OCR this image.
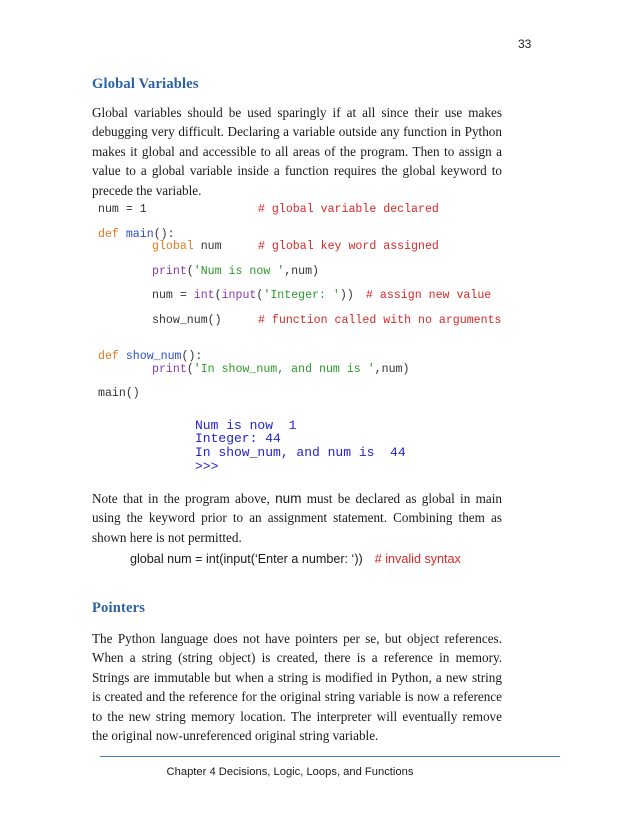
33
Global Variables
Global variables should be used sparingly if at all since their use makes debugging very difficult. Declaring a variable outside any function in Python makes it global and accessible to all areas of the program. Then to assign a value to a global variable inside a function requires the global keyword to precede the variable.
num = 1	# global variable declared
def main():
global num	# global key word assigned
print('Num is now ',num)
num = int(input('Integer: ')) # assign new value
show_num()	# function called with no arguments
def show_num():
print('In show_num, and num is ',num)
main()
Num is now  1
Integer: 44
In show_num, and num is  44
>>>
Note that in the program above, num must be declared as global in main using the keyword prior to an assignment statement. Combining them as shown here is not permitted.
global num = int(input(‘Enter a number: ‘)) # invalid syntax
Pointers
The Python language does not have pointers per se, but object references. When a string (string object) is created, there is a reference in memory. Strings are immutable but when a string is modified in Python, a new string is created and the reference for the original string variable is now a reference to the new string memory location. The interpreter will eventually remove the original now-unreferenced original string variable.
Chapter 4 Decisions, Logic, Loops, and Functions
